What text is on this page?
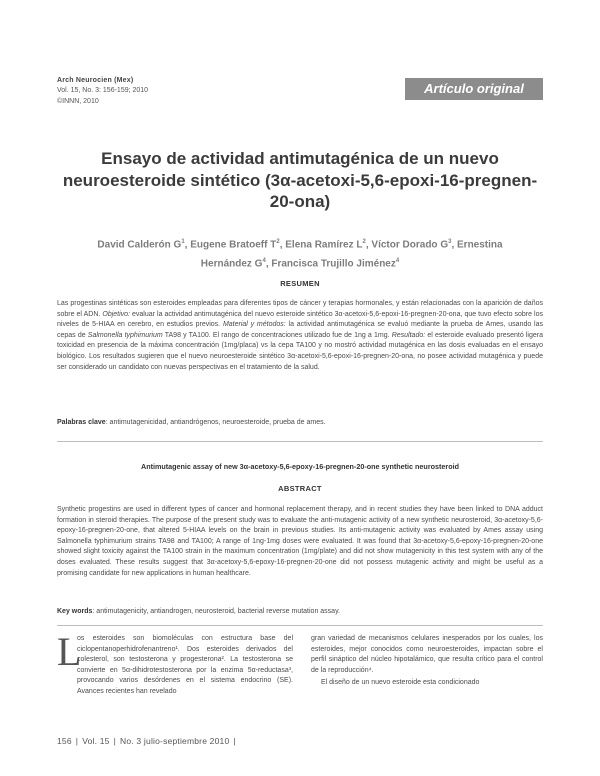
Arch Neurocien (Mex)
Vol. 15, No. 3: 156-159; 2010
©INNN, 2010
Artículo original
Ensayo de actividad antimutagénica de un nuevo neuroesteroide sintético (3α-acetoxi-5,6-epoxi-16-pregnen-20-ona)
David Calderón $G^1$, Eugene Bratoeff $T^2$, Elena Ramírez $L^2$, Víctor Dorado $G^3$, Ernestina
Hernández $G^4$, Francisca Trujillo Jiménez$^4$
RESUMEN
Las progestinas sintéticas son esteroides empleadas para diferentes tipos de cáncer y terapias hormonales, y están relacionadas con la aparición de daños sobre el ADN. Objetivo: evaluar la actividad antimutagénica del nuevo esteroide sintético 3α-acetoxi-5,6-epoxi-16-pregnen-20-ona, que tuvo efecto sobre los niveles de 5-HIAA en cerebro, en estudios previos. Material y métodos: la actividad antimutagénica se evaluó mediante la prueba de Ames, usando las cepas de Salmonella typhimurium TA98 y TA100. El rango de concentraciones utilizado fue de 1ng a 1mg. Resultado: el esteroide evaluado presentó ligera toxicidad en presencia de la máxima concentración (1mg/placa) vs la cepa TA100 y no mostró actividad mutagénica en las dosis evaluadas en el ensayo biológico. Los resultados sugieren que el nuevo neuroesteroide sintético 3α-acetoxi-5,6-epoxi-16-pregnen-20-ona, no posee actividad mutagénica y puede ser considerado un candidato con nuevas perspectivas en el tratamiento de la salud.
Palabras clave: antimutagenicidad, antiandrógenos, neuroesteroide, prueba de ames.
Antimutagenic assay of new 3α-acetoxy-5,6-epoxy-16-pregnen-20-one synthetic neurosteroid
ABSTRACT
Synthetic progestins are used in different types of cancer and hormonal replacement therapy, and in recent studies they have been linked to DNA adduct formation in steroid therapies. The purpose of the present study was to evaluate the anti-mutagenic activity of a new synthetic neurosteroid, 3α-acetoxy-5,6-epoxy-16-pregnen-20-one, that altered 5-HIAA levels on the brain in previous studies. Its anti-mutagenic activity was evaluated by Ames assay using Salmonella typhimurium strains TA98 and TA100; A range of 1ng-1mg doses were evaluated. It was found that 3α-acetoxy-5,6-epoxy-16-pregnen-20-one showed slight toxicity against the TA100 strain in the maximum concentration (1mg/plate) and did not show mutagenicity in this test system with any of the doses evaluated. These results suggest that 3α-acetoxy-5,6-epoxy-16-pregnen-20-one did not possess mutagenic activity and might be useful as a promising candidate for new applications in human healthcare.
Key words: antimutagenicity, antiandrogen, neurosteroid, bacterial reverse mutation assay.
L
os esteroides son biomoléculas con estructura base del ciclopentanoperhidrofenantreno¹. Dos esteroides derivados del colesterol, son testosterona y progesterona². La testosterona se convierte en 5α-dihidrotestosterona por la enzima 5α-reductasa³, provocando varios desórdenes en el sistema endocrino (SE). Avances recientes han revelado
gran variedad de mecanismos celulares inesperados por los cuales, los esteroides, mejor conocidos como neuroesteroides, impactan sobre el perfil sináptico del núcleo hipotalámico, que resulta crítico para el control de la reproducción⁴.
El diseño de un nuevo esteroide esta condicionado
156 | Vol. 15 | No. 3 julio-septiembre 2010 |
